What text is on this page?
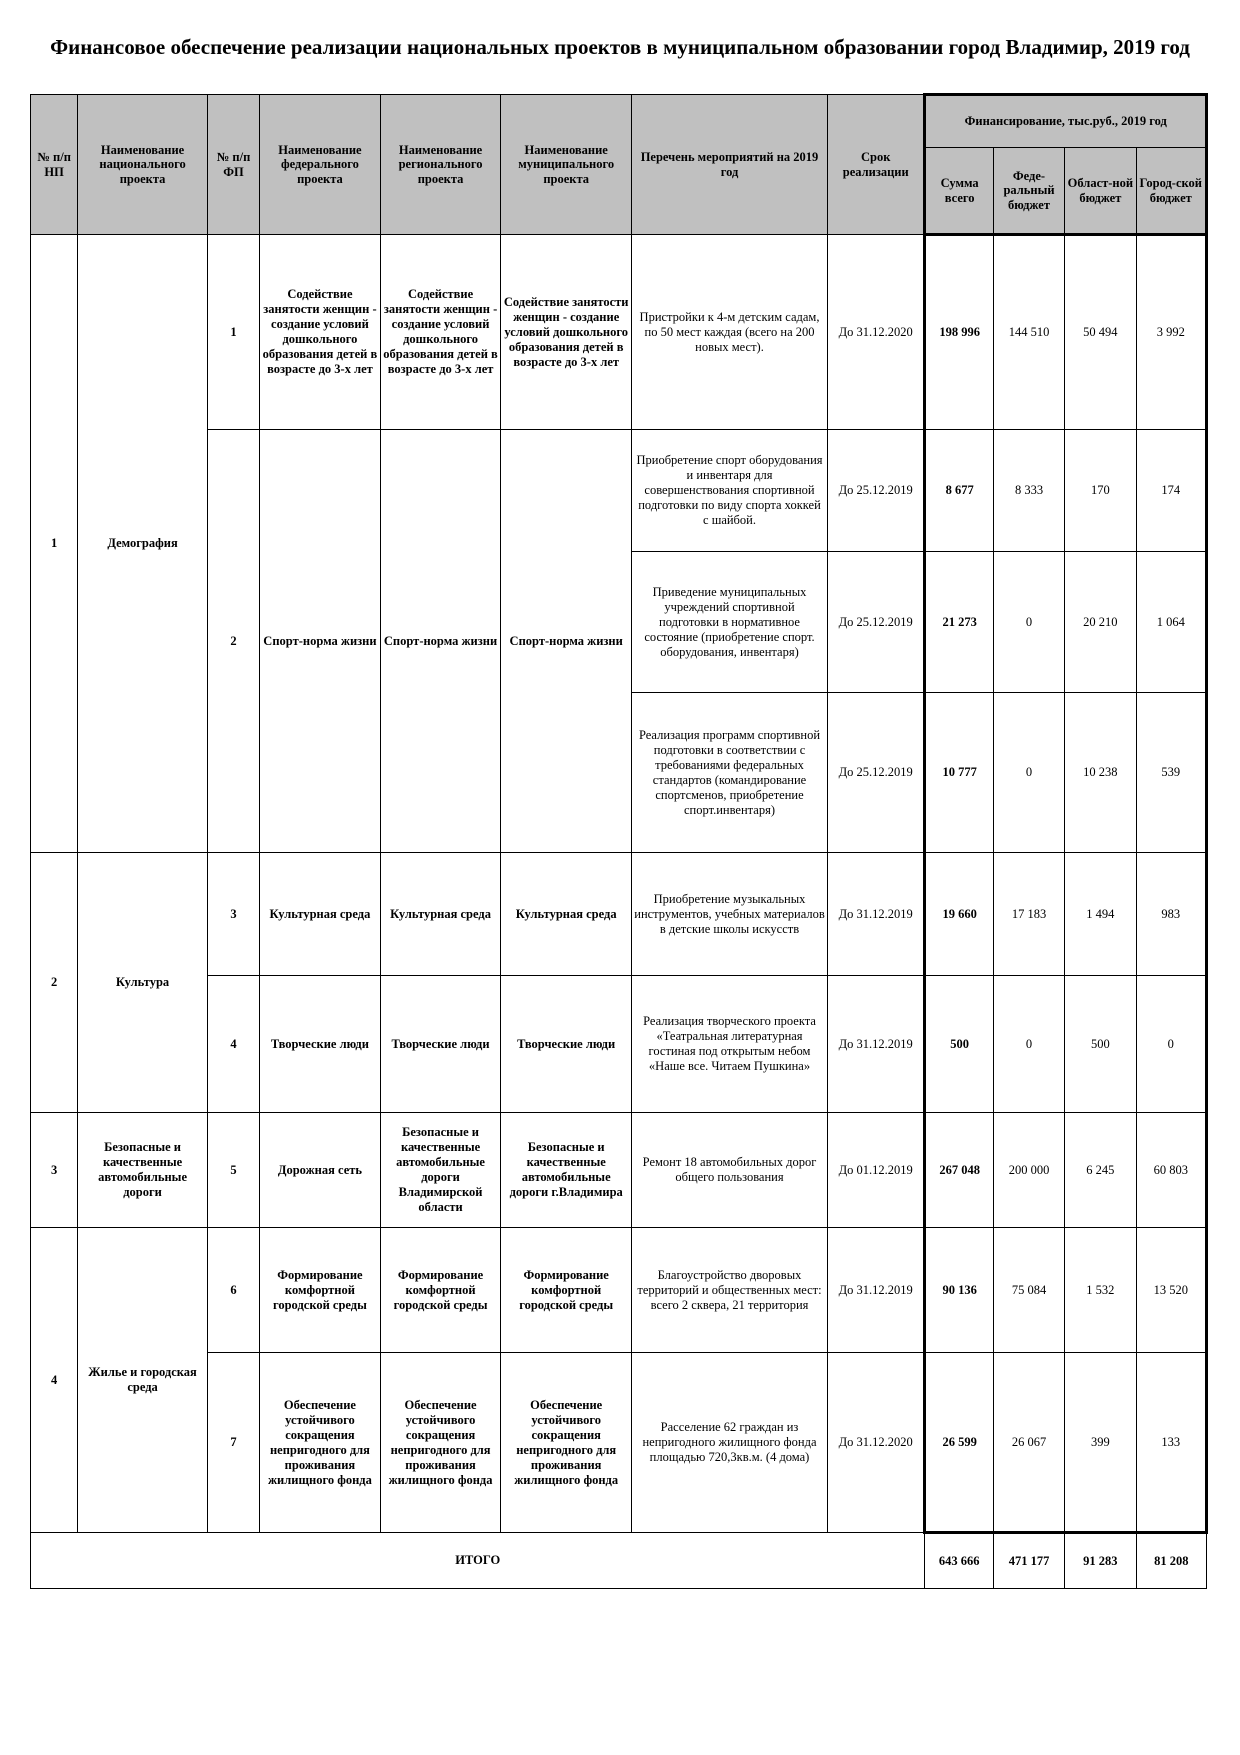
Финансовое обеспечение реализации национальных проектов в муниципальном образовании город Владимир, 2019 год
№ п/п НП	Наименование национального проекта	№ п/п ФП	Наименование федерального проекта	Наименование регионального проекта	Наименование муниципального проекта	Перечень мероприятий на 2019 год	Срок реализации	Финансирование, тыс.руб., 2019 год			
								Сумма всего	Феде-ральный бюджет	Област-ной бюджет	Город-ской бюджет
1	Демография	1	Содействие занятости женщин - создание условий дошкольного образования детей в возрасте до 3-х лет	Содействие занятости женщин - создание условий дошкольного образования детей в возрасте до 3-х лет	Содействие занятости женщин - создание условий дошкольного образования детей в возрасте до 3-х лет	Пристройки к 4-м детским садам, по 50 мест каждая (всего на 200 новых мест).	До 31.12.2020	198 996	144 510	50 494	3 992
		2	Спорт-норма жизни	Спорт-норма жизни	Спорт-норма жизни	Приобретение спорт оборудования и инвентаря для совершенствования спортивной подготовки по виду спорта хоккей с шайбой.	До 25.12.2019	8 677	8 333	170	174
						Приведение муниципальных учреждений спортивной подготовки в нормативное состояние (приобретение спорт. оборудования, инвентаря)	До 25.12.2019	21 273	0	20 210	1 064
						Реализация программ спортивной подготовки в соответствии с требованиями федеральных стандартов (командирование спортсменов, приобретение спорт.инвентаря)	До 25.12.2019	10 777	0	10 238	539
2	Культура	3	Культурная среда	Культурная среда	Культурная среда	Приобретение музыкальных инструментов, учебных материалов в детские школы искусств	До 31.12.2019	19 660	17 183	1 494	983
		4	Творческие люди	Творческие люди	Творческие люди	Реализация творческого проекта «Театральная литературная гостиная под открытым небом «Наше все. Читаем Пушкина»	До 31.12.2019	500	0	500	0
3	Безопасные и качественные автомобильные дороги	5	Дорожная сеть	Безопасные и качественные автомобильные дороги Владимирской области	Безопасные и качественные автомобильные дороги г.Владимира	Ремонт 18 автомобильных дорог общего пользования	До 01.12.2019	267 048	200 000	6 245	60 803
4	Жилье и городская среда	6	Формирование комфортной городской среды	Формирование комфортной городской среды	Формирование комфортной городской среды	Благоустройство дворовых территорий и общественных мест: всего 2 сквера, 21 территория	До 31.12.2019	90 136	75 084	1 532	13 520
		7	Обеспечение устойчивого сокращения непригодного для проживания жилищного фонда	Обеспечение устойчивого сокращения непригодного для проживания жилищного фонда	Обеспечение устойчивого сокращения непригодного для проживания жилищного фонда	Расселение 62 граждан из непригодного жилищного фонда площадью 720,3кв.м. (4 дома)	До 31.12.2020	26 599	26 067	399	133
ИТОГО								643 666	471 177	91 283	81 208
